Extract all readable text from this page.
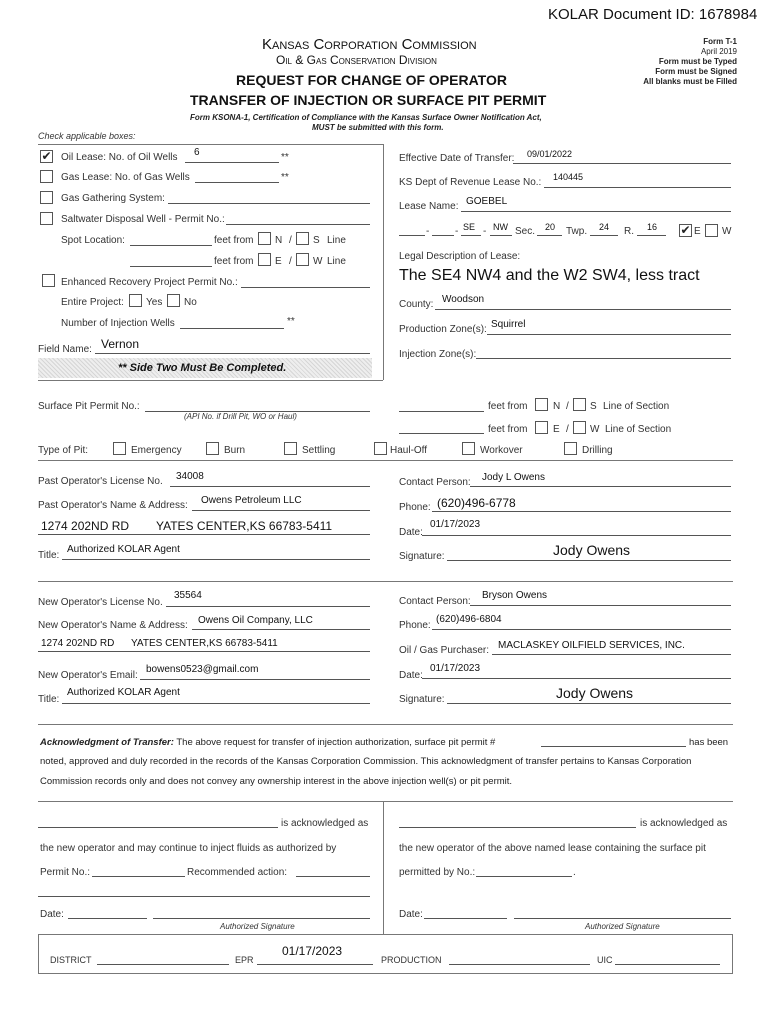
KOLAR Document ID: 1678984
Kansas Corporation Commission
Oil & Gas Conservation Division
REQUEST FOR CHANGE OF OPERATOR
TRANSFER OF INJECTION OR SURFACE PIT PERMIT
Form KSONA-1, Certification of Compliance with the Kansas Surface Owner Notification Act,
MUST be submitted with this form.
Form T-1
April 2019
Form must be Typed
Form must be Signed
All blanks must be Filled
Check applicable boxes:
✔ Oil Lease: No. of Oil Wells 6	**
Gas Lease: No. of Gas Wells	**
Gas Gathering System:
Saltwater Disposal Well - Permit No.:
Spot Location:	feet from N / S Line
feet from E / W Line
Enhanced Recovery Project Permit No.:
Entire Project: Yes No
Number of Injection Wells	**
Field Name: Vernon
** Side Two Must Be Completed.
Effective Date of Transfer: 09/01/2022
KS Dept of Revenue Lease No.: 140445
Lease Name: GOEBEL
-	- SE - NW Sec. 20 Twp. 24 R. 16 ✔ E W
Legal Description of Lease:
The SE4 NW4 and the W2 SW4, less tract
County: Woodson
Production Zone(s): Squirrel
Injection Zone(s):
Surface Pit Permit No.:
(API No. if Drill Pit, WO or Haul)
feet from	N / S Line of Section
feet from	E / W Line of Section
Type of Pit:	Emergency	Burn	Settling	Haul-Off	Workover	Drilling
Past Operator's License No. 34008
Past Operator's Name & Address: Owens Petroleum LLC
1274 202ND RD YATES CENTER,KS 66783-5411
Title:
Authorized KOLAR Agent
Contact Person: Jody L Owens
Phone: (620)496-6778
Date:
01/17/2023
Signature:	Jody Owens
New Operator's License No.
35564
New Operator's Name & Address: Owens Oil Company, LLC
1274 202ND RD YATES CENTER,KS 66783-5411
New Operator's Email:
bowens0523@gmail.com
Title:
Authorized KOLAR Agent
Contact Person:
Bryson Owens
Phone:
(620)496-6804
Oil / Gas Purchaser: MACLASKEY OILFIELD SERVICES, INC.
Date:
01/17/2023
Signature:	Jody Owens
Acknowledgment of Transfer: The above request for transfer of injection authorization, surface pit permit #	has been
noted, approved and duly recorded in the records of the Kansas Corporation Commission. This acknowledgment of transfer pertains to Kansas Corporation
Commission records only and does not convey any ownership interest in the above injection well(s) or pit permit.
is acknowledged as
the new operator and may continue to inject fluids as authorized by
Permit No.:	Recommended action:
Date:
Authorized Signature
is acknowledged as
the new operator of the above named lease containing the surface pit
permitted by No.:	.
Date:
Authorized Signature
DISTRICT	EPR
01/17/2023
PRODUCTION	UIC
